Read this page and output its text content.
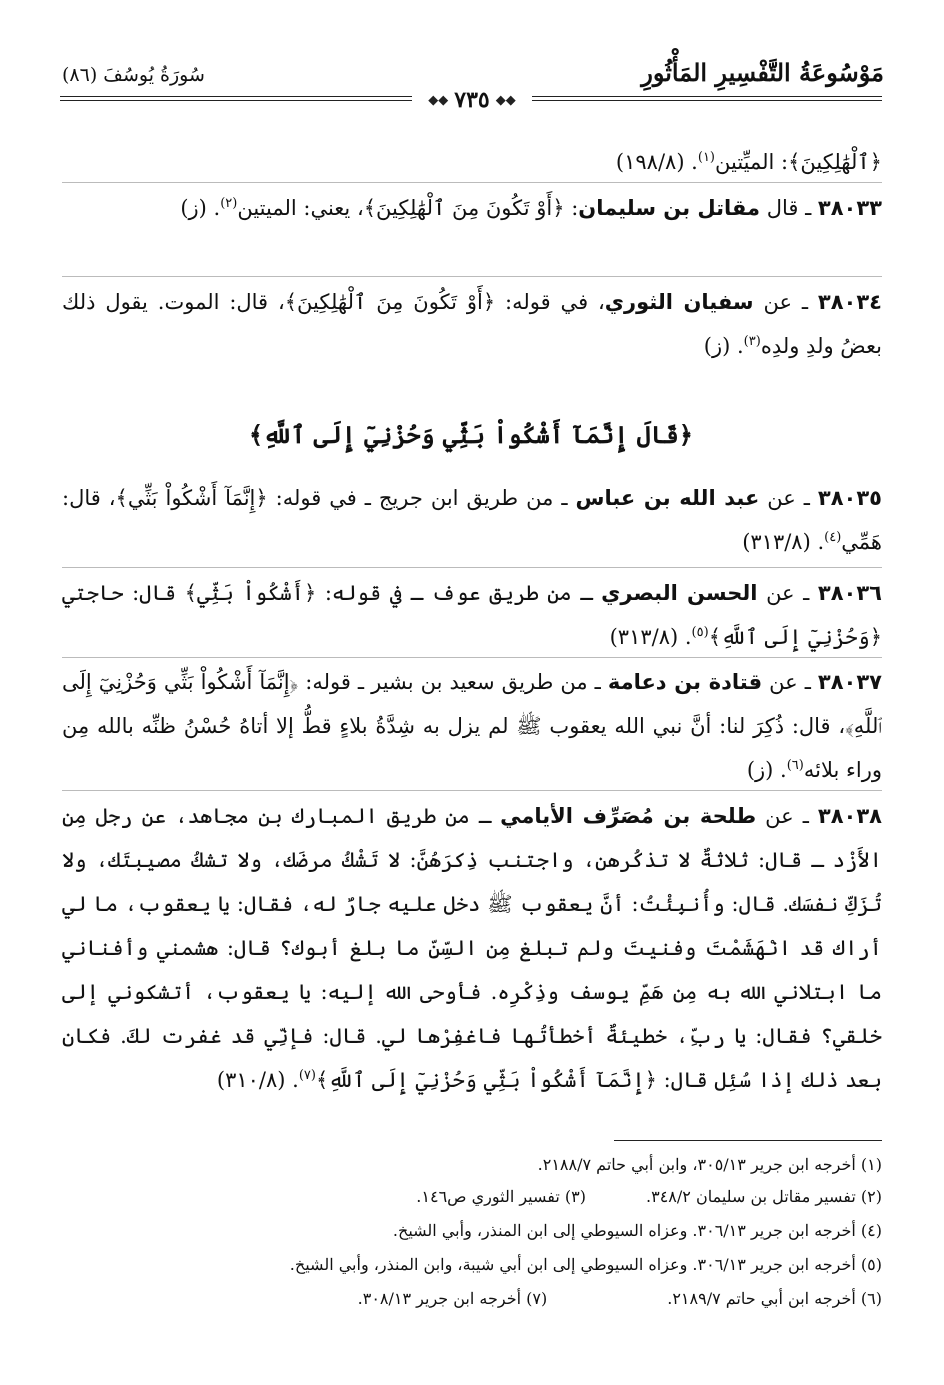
مَوْسُوعَةُ التَّفْسِيرِ المَأْثُورِ
سُورَةُ يُوسُفَ (٨٦)
◆◆
٧٣٥
◆◆
﴿ٱلْهَٰلِكِينَ﴾: الميِّتين$^{(١)}$. (١٩٨/٨)
٣٨٠٣٣ ـ قال مقاتل بن سليمان: ﴿أَوْ تَكُونَ مِنَ ٱلْهَٰلِكِينَ﴾، يعني: الميتين$^{(٢)}$. (ز)
٣٨٠٣٤ ـ عن سفيان الثوري، في قوله: ﴿أَوْ تَكُونَ مِنَ ٱلْهَٰلِكِينَ﴾، قال: الموت. يقول ذلك بعضُ ولدِ ولدِه$^{(٣)}$. (ز)
﴿قَالَ إِنَّمَآ أَشْكُواْ بَثِّي وَحُزْنِيٓ إِلَى ٱللَّهِ﴾
٣٨٠٣٥ ـ عن عبد الله بن عباس ـ من طريق ابن جريج ـ في قوله: ﴿إِنَّمَآ أَشْكُواْ بَثِّي﴾، قال: هَمِّي$^{(٤)}$. (٣١٣/٨)
٣٨٠٣٦ ـ عن الحسن البصري ـ من طريق عوف ـ في قوله: ﴿أَشْكُواْ بَثِّي﴾ قال: حاجتي ﴿وَحُزْنِيٓ إِلَى ٱللَّهِ﴾$^{(٥)}$. (٣١٣/٨)
٣٨٠٣٧ ـ عن قتادة بن دعامة ـ من طريق سعيد بن بشير ـ قوله: ﴿إِنَّمَآ أَشْكُواْ بَثِّي وَحُزْنِيٓ إِلَى ٱللَّهِ﴾، قال: ذُكِرَ لنا: أنَّ نبي الله يعقوب ﷺ لم يزل به شِدَّةُ بلاءٍ قطُّ إلا أتاهُ حُسْنُ ظنِّه بالله مِن وراء بلائه$^{(٦)}$. (ز)
٣٨٠٣٨ ـ عن طلحة بن مُصَرِّف الأيامي ـ من طريق المبارك بن مجاهد، عن رجل مِن الأَزْد ـ قال: ثلاثةٌ لا تذكُرهن، واجتنب ذِكرَهُنَّ: لا تَشْكُ مرضَك، ولا تشكُ مصيبتَك، ولا تُزَكِّ نفسَك. قال: وأُنبِئْتُ: أنَّ يعقوب ﷺ دخل عليه جارٌ له، فقال: يا يعقوب، ما لي أراك قد انْهَشَمْتَ وفنيتَ ولم تبلغ مِن السِّنِّ ما بلغ أبوك؟ قال: هشمني وأفناني ما ابتلاني الله به مِن هَمِّ يوسف وذِكْرِه. فأوحى الله إليه: يا يعقوب، أتشكوني إلى خلقي؟ فقال: يا ربِّ، خطيئةٌ أخطأتُها فاغفِرْها لي. قال: فإنِّي قد غفرت لكَ. فكان بعد ذلك إذا سُئِل قال: ﴿إِنَّمَآ أَشْكُواْ بَثِّي وَحُزْنِيٓ إِلَى ٱللَّهِ﴾$^{(٧)}$. (٣١٠/٨)
(١) أخرجه ابن جرير ٣٠٥/١٣، وابن أبي حاتم ٢١٨٨/٧.
(٢) تفسير مقاتل بن سليمان ٣٤٨/٢.(٣) تفسير الثوري ص١٤٦.
(٤) أخرجه ابن جرير ٣٠٦/١٣. وعزاه السيوطي إلى ابن المنذر، وأبي الشيخ.
(٥) أخرجه ابن جرير ٣٠٦/١٣. وعزاه السيوطي إلى ابن أبي شيبة، وابن المنذر، وأبي الشيخ.
(٦) أخرجه ابن أبي حاتم ٢١٨٩/٧.(٧) أخرجه ابن جرير ٣٠٨/١٣.
